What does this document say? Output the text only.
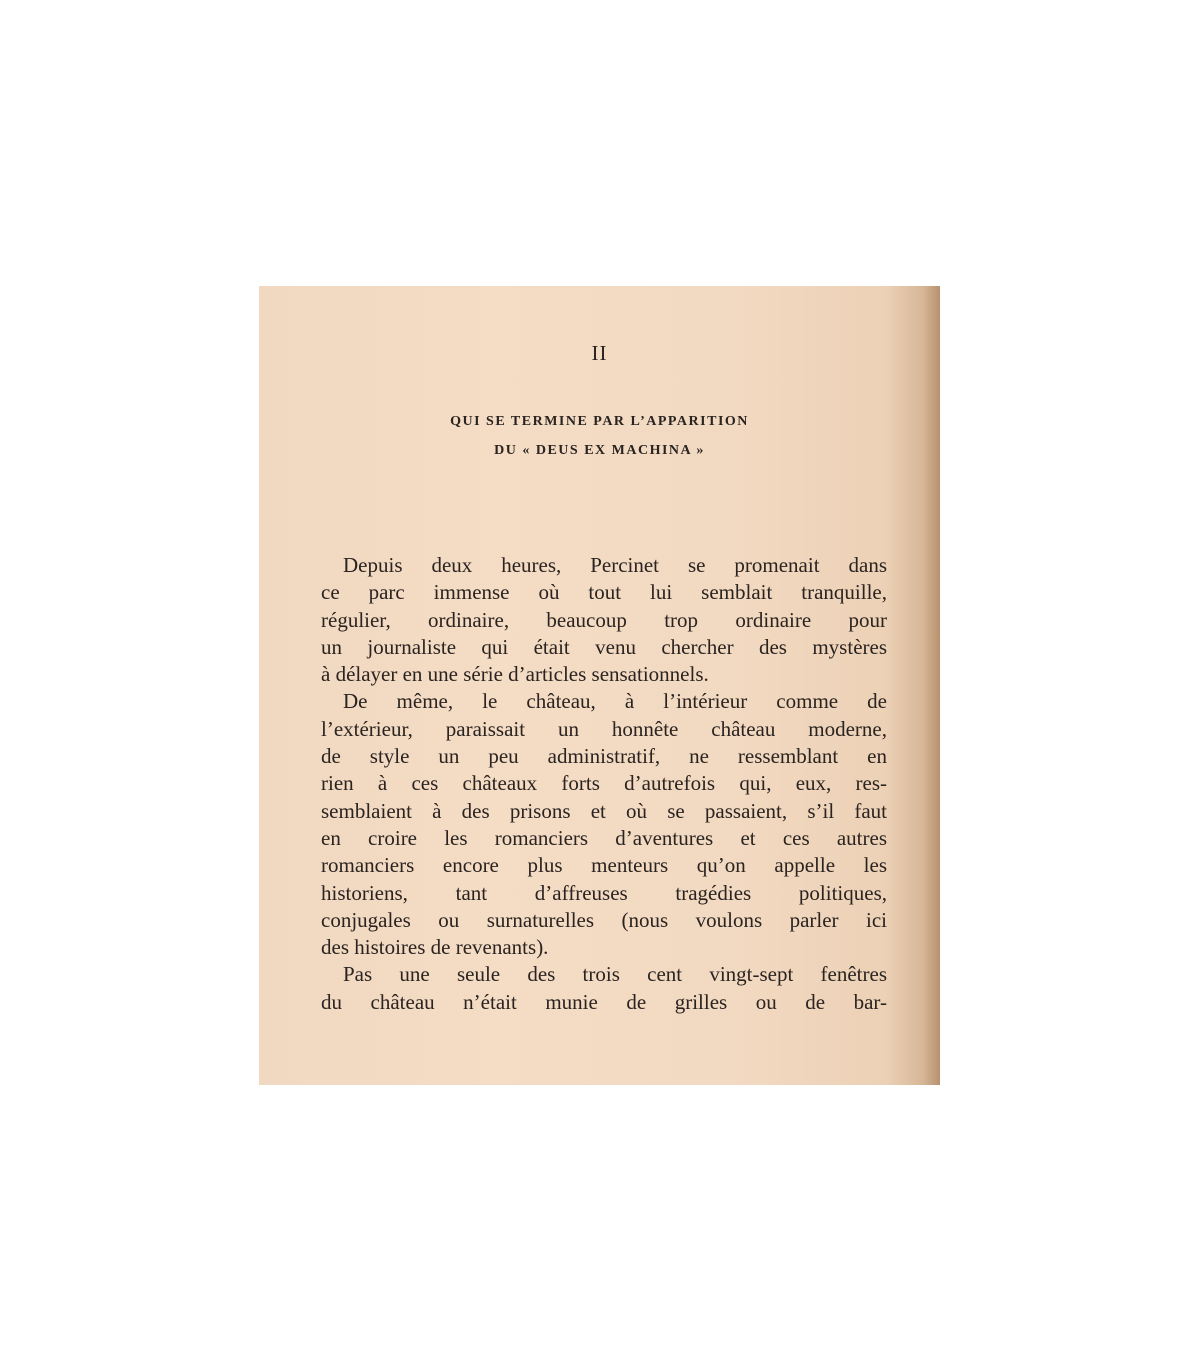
II
QUI SE TERMINE PAR L’APPARITION
DU « DEUS EX MACHINA »
Depuis deux heures, Percinet se promenait dans
ce parc immense où tout lui semblait tranquille,
régulier, ordinaire, beaucoup trop ordinaire pour
un journaliste qui était venu chercher des mystères
à délayer en une série d’articles sensationnels.
De même, le château, à l’intérieur comme de
l’extérieur, paraissait un honnête château moderne,
de style un peu administratif, ne ressemblant en
rien à ces châteaux forts d’autrefois qui, eux, res-
semblaient à des prisons et où se passaient, s’il faut
en croire les romanciers d’aventures et ces autres
romanciers encore plus menteurs qu’on appelle les
historiens, tant d’affreuses tragédies politiques,
conjugales ou surnaturelles (nous voulons parler ici
des histoires de revenants).
Pas une seule des trois cent vingt-sept fenêtres
du château n’était munie de grilles ou de bar-
